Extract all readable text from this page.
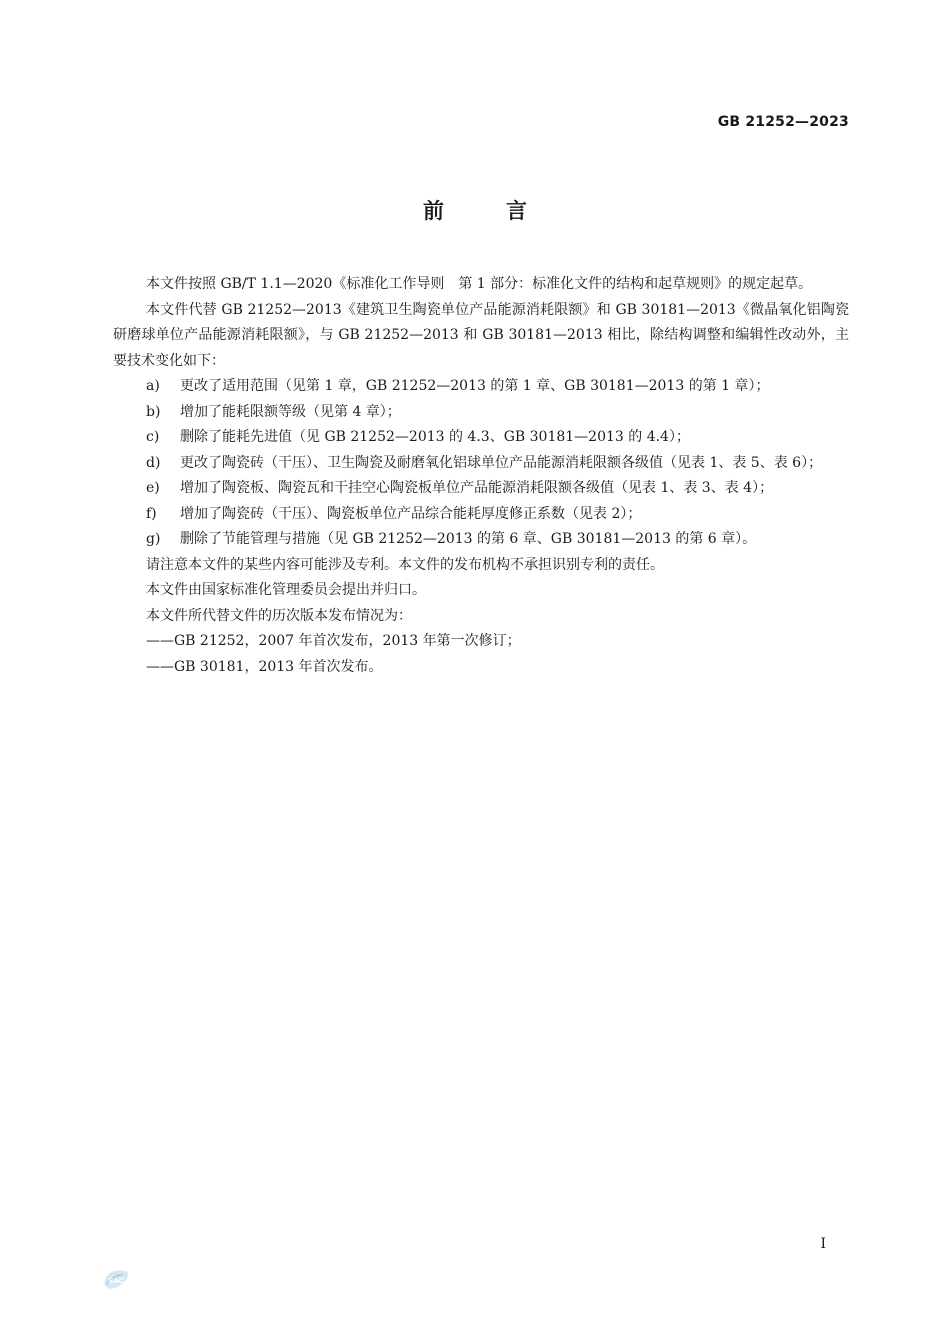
GB 21252—2023
前言

本文件按照 GB/T 1.1—2020《标准化工作导则　第 1 部分：标准化文件的结构和起草规则》的规定起草。

本文件代替 GB 21252—2013《建筑卫生陶瓷单位产品能源消耗限额》和 GB 30181—2013《微晶氧化铝陶瓷研磨球单位产品能源消耗限额》，与 GB 21252—2013 和 GB 30181—2013 相比，除结构调整和编辑性改动外，主要技术变化如下：

a)	更改了适用范围（见第 1 章，GB 21252—2013 的第 1 章、GB 30181—2013 的第 1 章）；
b)	增加了能耗限额等级（见第 4 章）；
c)	删除了能耗先进值（见 GB 21252—2013 的 4.3、GB 30181—2013 的 4.4）；
d)	更改了陶瓷砖（干压）、卫生陶瓷及耐磨氧化铝球单位产品能源消耗限额各级值（见表 1、表 5、表 6）；
e)	增加了陶瓷板、陶瓷瓦和干挂空心陶瓷板单位产品能源消耗限额各级值（见表 1、表 3、表 4）；
f)	增加了陶瓷砖（干压）、陶瓷板单位产品综合能耗厚度修正系数（见表 2）；
g)	删除了节能管理与措施（见 GB 21252—2013 的第 6 章、GB 30181—2013 的第 6 章）。

请注意本文件的某些内容可能涉及专利。本文件的发布机构不承担识别专利的责任。

本文件由国家标准化管理委员会提出并归口。

本文件所代替文件的历次版本发布情况为：

——GB 21252，2007 年首次发布，2013 年第一次修订；

——GB 30181，2013 年首次发布。

I
SAC
